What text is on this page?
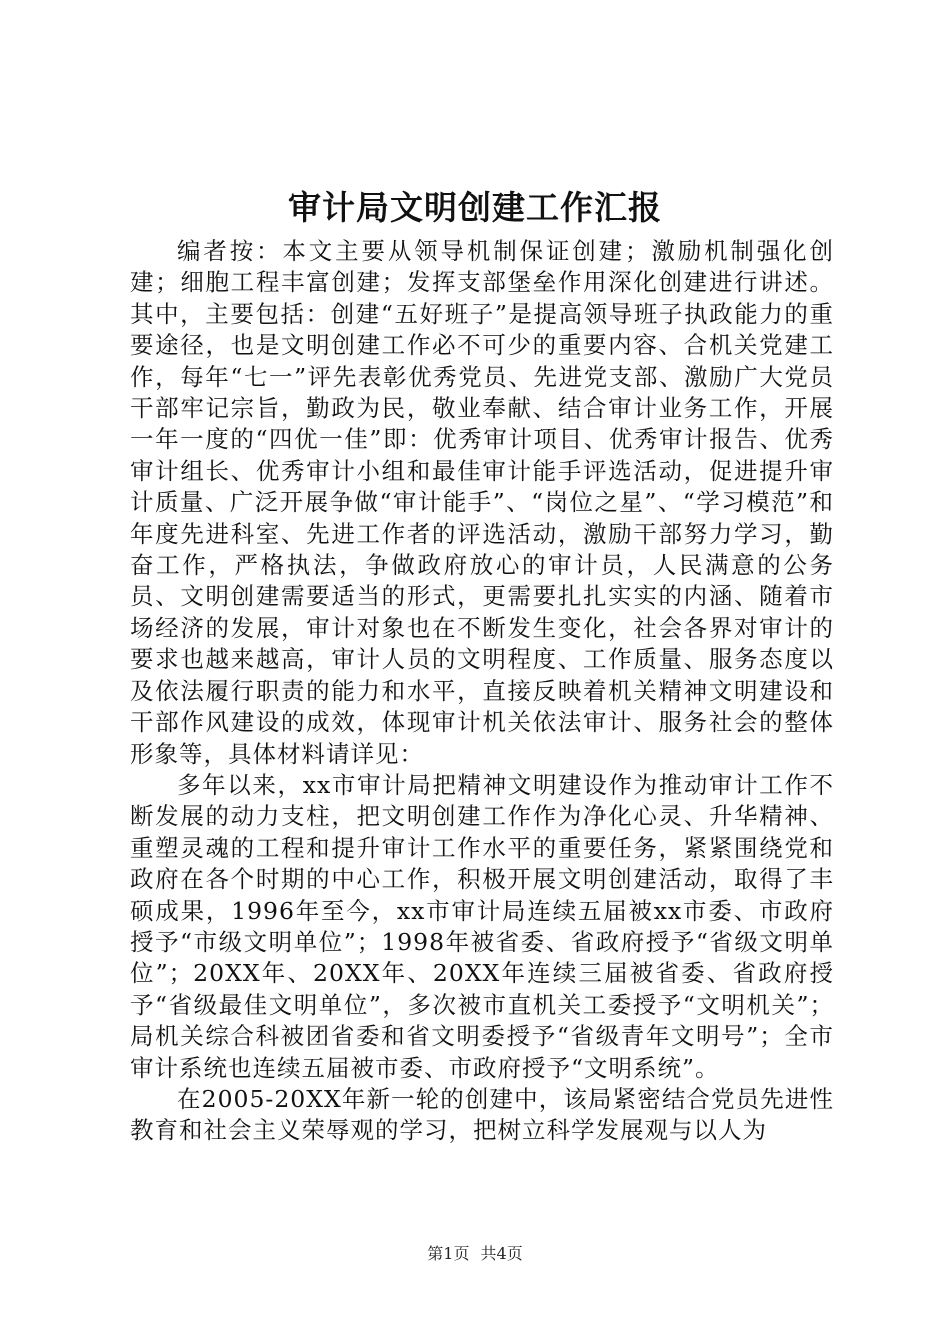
审计局文明创建工作汇报

编者按：本文主要从领导机制保证创建；激励机制强化创建；细胞工程丰富创建；发挥支部堡垒作用深化创建进行讲述。其中，主要包括：创建“五好班子”是提高领导班子执政能力的重要途径，也是文明创建工作必不可少的重要内容、合机关党建工作，每年“七一”评先表彰优秀党员、先进党支部、激励广大党员干部牢记宗旨，勤政为民，敬业奉献、结合审计业务工作，开展一年一度的“四优一佳”即：优秀审计项目、优秀审计报告、优秀审计组长、优秀审计小组和最佳审计能手评选活动，促进提升审计质量、广泛开展争做“审计能手”、“岗位之星”、“学习模范”和年度先进科室、先进工作者的评选活动，激励干部努力学习，勤奋工作，严格执法，争做政府放心的审计员，人民满意的公务员、文明创建需要适当的形式，更需要扎扎实实的内涵、随着市场经济的发展，审计对象也在不断发生变化，社会各界对审计的要求也越来越高，审计人员的文明程度、工作质量、服务态度以及依法履行职责的能力和水平，直接反映着机关精神文明建设和干部作风建设的成效，体现审计机关依法审计、服务社会的整体形象等，具体材料请详见：

多年以来，xx市审计局把精神文明建设作为推动审计工作不断发展的动力支柱，把文明创建工作作为净化心灵、升华精神、重塑灵魂的工程和提升审计工作水平的重要任务，紧紧围绕党和政府在各个时期的中心工作，积极开展文明创建活动，取得了丰硕成果，1996年至今，xx市审计局连续五届被xx市委、市政府授予“市级文明单位”；1998年被省委、省政府授予“省级文明单位”；20XX年、20XX年、20XX年连续三届被省委、省政府授予“省级最佳文明单位”，多次被市直机关工委授予“文明机关”；局机关综合科被团省委和省文明委授予“省级青年文明号”；全市审计系统也连续五届被市委、市政府授予“文明系统”。

在2005-20XX年新一轮的创建中，该局紧密结合党员先进性教育和社会主义荣辱观的学习，把树立科学发展观与以人为

第1页 共4页
